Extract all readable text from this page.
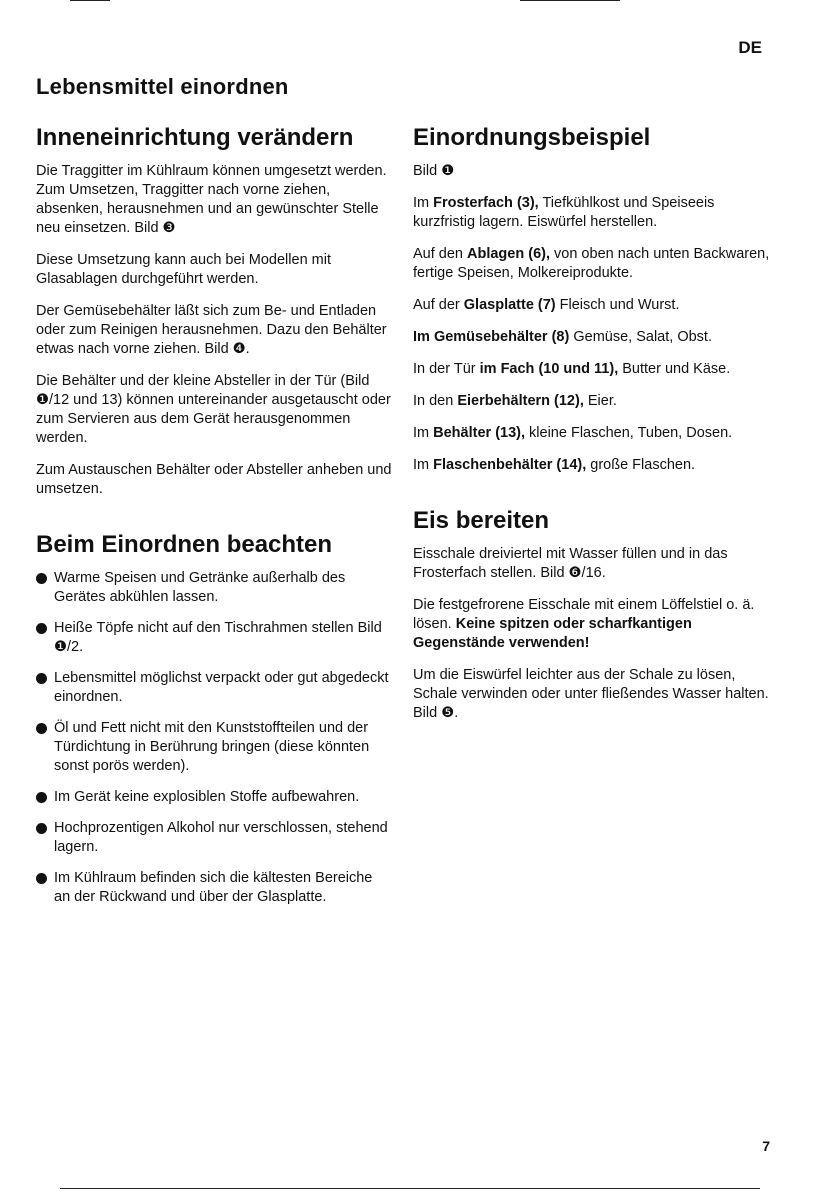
DE
Lebensmittel einordnen
Inneneinrichtung verändern

Die Traggitter im Kühlraum können umgesetzt werden. Zum Umsetzen, Traggitter nach vorne ziehen, absenken, herausnehmen und an gewünschter Stelle neu einsetzen. Bild ❸

Diese Umsetzung kann auch bei Modellen mit Glasablagen durchgeführt werden.

Der Gemüsebehälter läßt sich zum Be- und Entladen oder zum Reinigen herausnehmen. Dazu den Behälter etwas nach vorne ziehen. Bild ❹.

Die Behälter und der kleine Absteller in der Tür (Bild ❶/12 und 13) können untereinander ausgetauscht oder zum Servieren aus dem Gerät herausgenommen werden.

Zum Austauschen Behälter oder Absteller anheben und umsetzen.

Beim Einordnen beachten
Warme Speisen und Getränke außerhalb des Gerätes abkühlen lassen.
Heiße Töpfe nicht auf den Tischrahmen stellen Bild ❶/2.
Lebensmittel möglichst verpackt oder gut abgedeckt einordnen.
Öl und Fett nicht mit den Kunststoffteilen und der Türdichtung in Berührung bringen (diese könnten sonst porös werden).
Im Gerät keine explosiblen Stoffe aufbewahren.
Hochprozentigen Alkohol nur verschlossen, stehend lagern.
Im Kühlraum befinden sich die kältesten Bereiche an der Rückwand und über der Glasplatte.
Einordnungsbeispiel

Bild ❶

Im Frosterfach (3), Tiefkühlkost und Speiseeis kurzfristig lagern. Eiswürfel herstellen.

Auf den Ablagen (6), von oben nach unten Backwaren, fertige Speisen, Molkereiprodukte.

Auf der Glasplatte (7) Fleisch und Wurst.

Im Gemüsebehälter (8) Gemüse, Salat, Obst.

In der Tür im Fach (10 und 11), Butter und Käse.

In den Eierbehältern (12), Eier.

Im Behälter (13), kleine Flaschen, Tuben, Dosen.

Im Flaschenbehälter (14), große Flaschen.

Eis bereiten

Eisschale dreiviertel mit Wasser füllen und in das Frosterfach stellen. Bild ❻/16.

Die festgefrorene Eisschale mit einem Löffelstiel o. ä. lösen. Keine spitzen oder scharfkantigen Gegenstände verwenden!

Um die Eiswürfel leichter aus der Schale zu lösen, Schale verwinden oder unter fließendes Wasser halten. Bild ❺.

7
